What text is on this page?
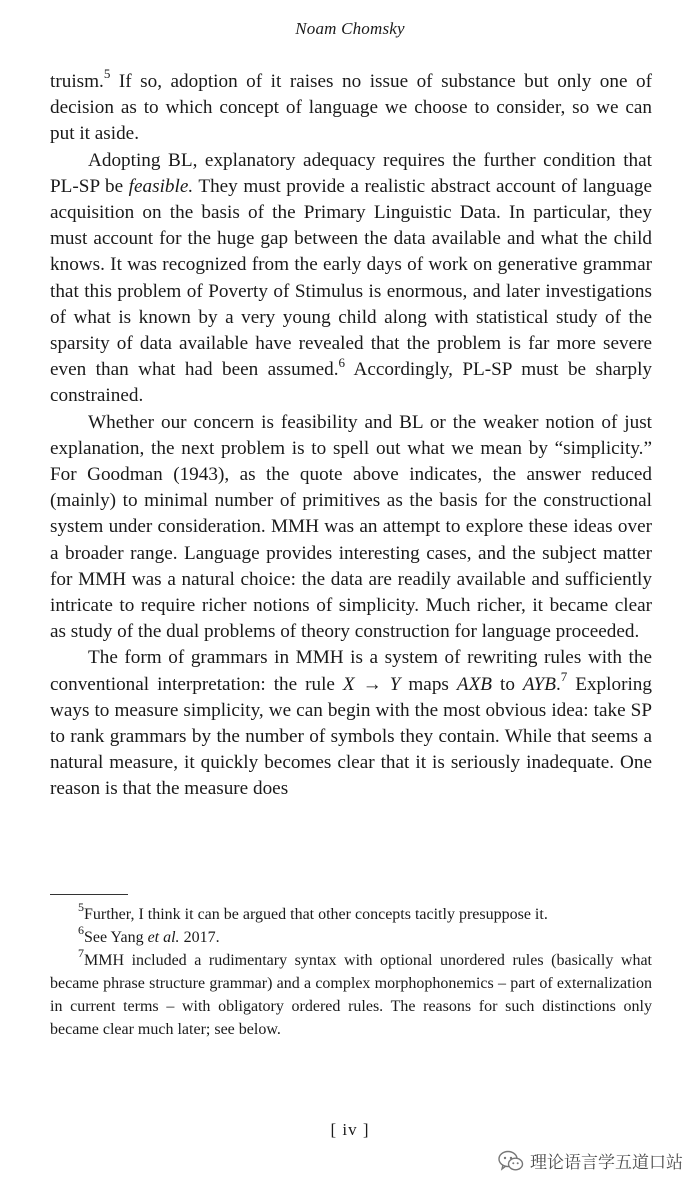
Noam Chomsky

truism.$^5$ If so, adoption of it raises no issue of substance but only one of decision as to which concept of language we choose to consider, so we can put it aside.

Adopting BL, explanatory adequacy requires the further condition that PL-SP be feasible. They must provide a realistic abstract account of language acquisition on the basis of the Primary Linguistic Data. In particular, they must account for the huge gap between the data available and what the child knows. It was recognized from the early days of work on generative grammar that this problem of Poverty of Stimulus is enormous, and later investigations of what is known by a very young child along with statistical study of the sparsity of data available have revealed that the problem is far more severe even than what had been assumed.$^6$ Accordingly, PL-SP must be sharply constrained.

Whether our concern is feasibility and BL or the weaker notion of just explanation, the next problem is to spell out what we mean by “simplicity.” For Goodman (1943), as the quote above indicates, the answer reduced (mainly) to minimal number of primitives as the basis for the constructional system under consideration. MMH was an attempt to explore these ideas over a broader range. Language provides interesting cases, and the subject matter for MMH was a natural choice: the data are readily available and sufficiently intricate to require richer notions of simplicity. Much richer, it became clear as study of the dual problems of theory construction for language proceeded.

The form of grammars in MMH is a system of rewriting rules with the conventional interpretation: the rule X → Y maps AXB to AYB.$^7$ Exploring ways to measure simplicity, we can begin with the most obvious idea: take SP to rank grammars by the number of symbols they contain. While that seems a natural measure, it quickly becomes clear that it is seriously inadequate. One reason is that the measure does

$^5$Further, I think it can be argued that other concepts tacitly presuppose it.

$^6$See Yang et al. 2017.

$^7$MMH included a rudimentary syntax with optional unordered rules (basically what became phrase structure grammar) and a complex morphophonemics – part of externalization in current terms – with obligatory ordered rules. The reasons for such distinctions only became clear much later; see below.

[ iv ]
理论语言学五道口站
